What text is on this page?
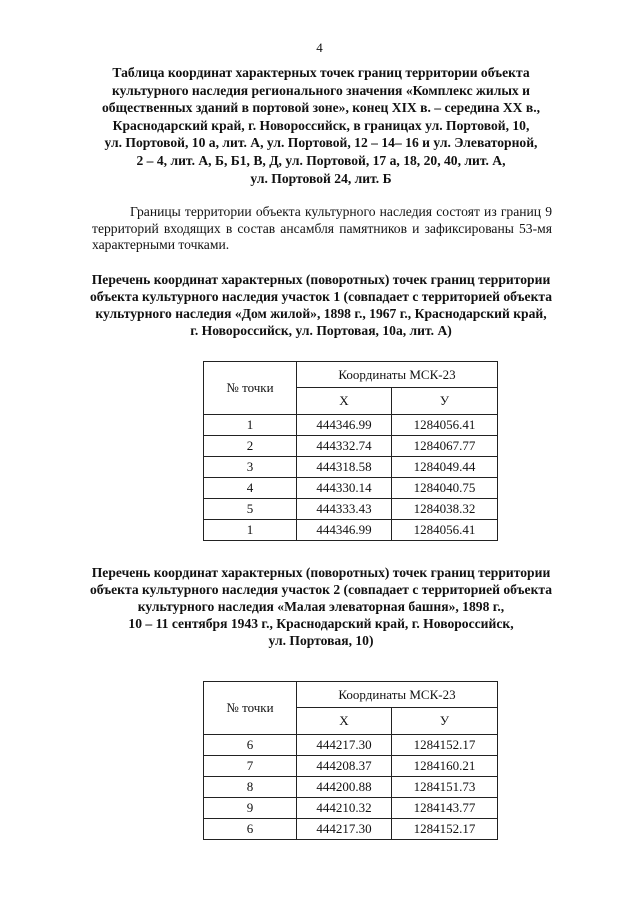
4
Таблица координат характерных точек границ территории объекта
культурного наследия регионального значения «Комплекс жилых и
общественных зданий в портовой зоне», конец XIX в. – середина XX в.,
Краснодарский край, г. Новороссийск, в границах ул. Портовой, 10,
ул. Портовой, 10 а, лит. А, ул. Портовой, 12 – 14– 16 и ул. Элеваторной,
2 – 4, лит. А, Б, Б1, В, Д, ул. Портовой, 17 а, 18, 20, 40, лит. А,
ул. Портовой 24, лит. Б
Границы территории объекта культурного наследия состоят из границ 9
территорий входящих в состав ансамбля памятников и зафиксированы 53-мя
характерными точками.
Перечень координат характерных (поворотных) точек границ территории
объекта культурного наследия участок 1 (совпадает с территорией объекта
культурного наследия «Дом жилой», 1898 г., 1967 г., Краснодарский край,
г. Новороссийск, ул. Портовая, 10а, лит. А)
№ точки	Координаты МСК-23	
	Х	У
1	444346.99	1284056.41
2	444332.74	1284067.77
3	444318.58	1284049.44
4	444330.14	1284040.75
5	444333.43	1284038.32
1	444346.99	1284056.41
Перечень координат характерных (поворотных) точек границ территории
объекта культурного наследия участок 2 (совпадает с территорией объекта
культурного наследия «Малая элеваторная башня», 1898 г.,
10 – 11 сентября 1943 г., Краснодарский край, г. Новороссийск,
ул. Портовая, 10)
№ точки	Координаты МСК-23	
	Х	У
6	444217.30	1284152.17
7	444208.37	1284160.21
8	444200.88	1284151.73
9	444210.32	1284143.77
6	444217.30	1284152.17
